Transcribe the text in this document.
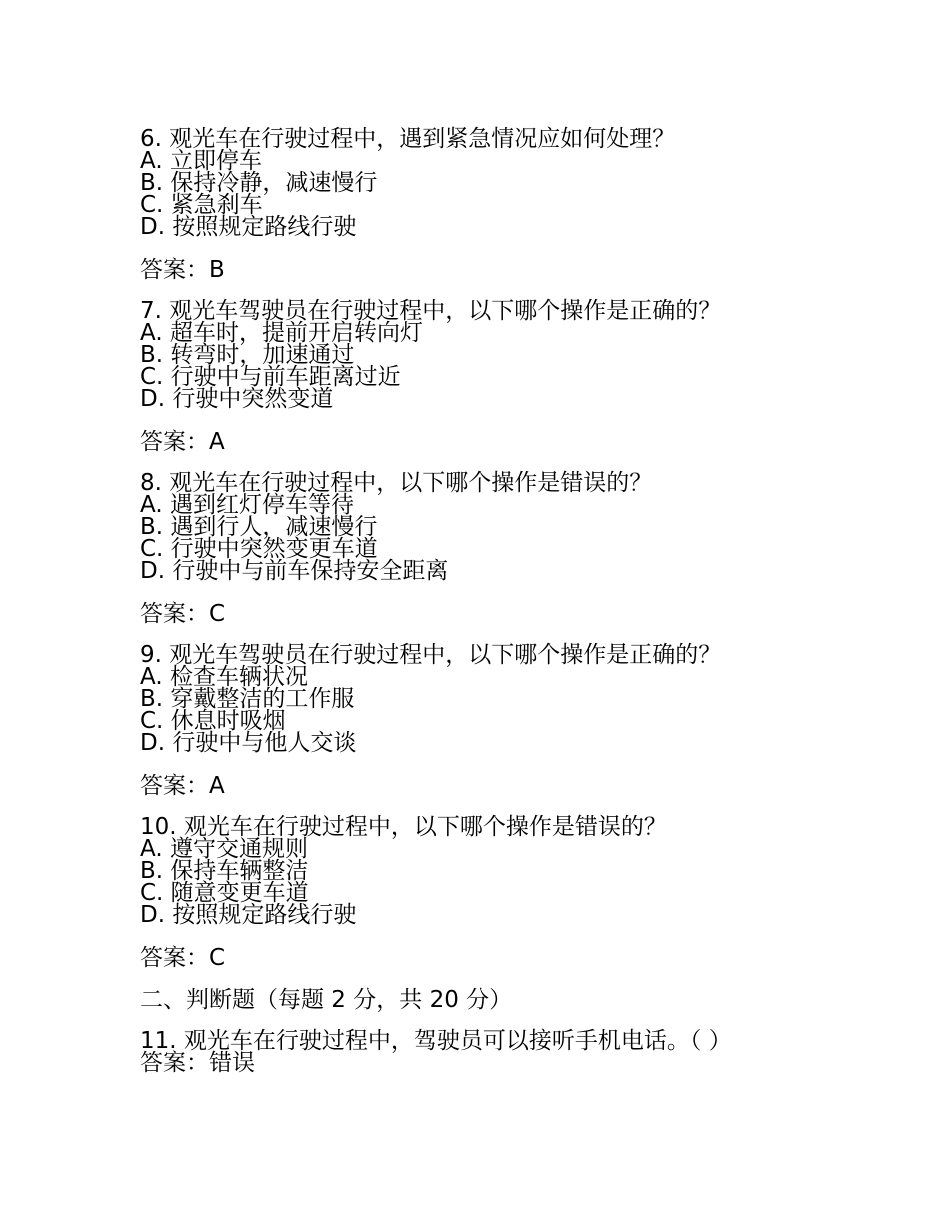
6. 观光车在行驶过程中，遇到紧急情况应如何处理？
A. 立即停车
B. 保持冷静，减速慢行
C. 紧急刹车
D. 按照规定路线行驶
答案：B
7. 观光车驾驶员在行驶过程中，以下哪个操作是正确的？
A. 超车时，提前开启转向灯
B. 转弯时，加速通过
C. 行驶中与前车距离过近
D. 行驶中突然变道
答案：A
8. 观光车在行驶过程中，以下哪个操作是错误的？
A. 遇到红灯停车等待
B. 遇到行人，减速慢行
C. 行驶中突然变更车道
D. 行驶中与前车保持安全距离
答案：C
9. 观光车驾驶员在行驶过程中，以下哪个操作是正确的？
A. 检查车辆状况
B. 穿戴整洁的工作服
C. 休息时吸烟
D. 行驶中与他人交谈
答案：A
10. 观光车在行驶过程中，以下哪个操作是错误的？
A. 遵守交通规则
B. 保持车辆整洁
C. 随意变更车道
D. 按照规定路线行驶
答案：C
二、判断题（每题 2 分，共 20 分）
11. 观光车在行驶过程中，驾驶员可以接听手机电话。（ ）
答案：错误
